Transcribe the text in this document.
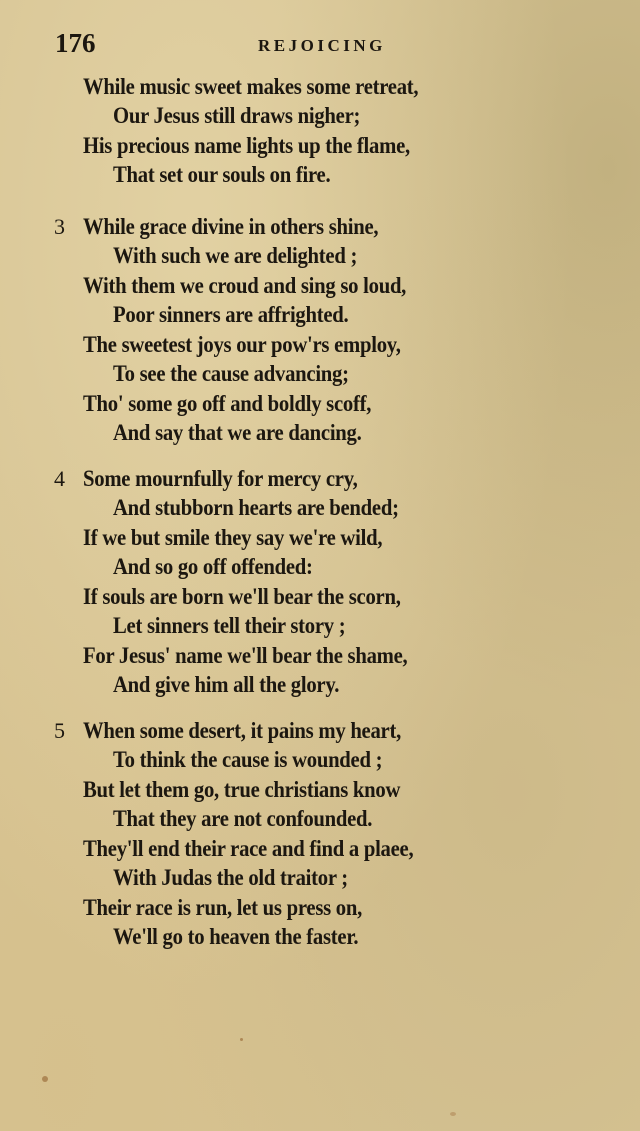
176	REJOICING
While music sweet makes some retreat,
Our Jesus still draws nigher;
His precious name lights up the flame,
That set our souls on fire.
3 While grace divine in others shine,
With such we are delighted ;
With them we croud and sing so loud,
Poor sinners are affrighted.
The sweetest joys our pow'rs employ,
To see the cause advancing;
Tho' some go off and boldly scoff,
And say that we are dancing.
4 Some mournfully for mercy cry,
And stubborn hearts are bended;
If we but smile they say we're wild,
And so go off offended:
If souls are born we'll bear the scorn,
Let sinners tell their story ;
For Jesus' name we'll bear the shame,
And give him all the glory.
5 When some desert, it pains my heart,
To think the cause is wounded ;
But let them go, true christians know
That they are not confounded.
They'll end their race and find a plaee,
With Judas the old traitor ;
Their race is run, let us press on,
We'll go to heaven the faster.
